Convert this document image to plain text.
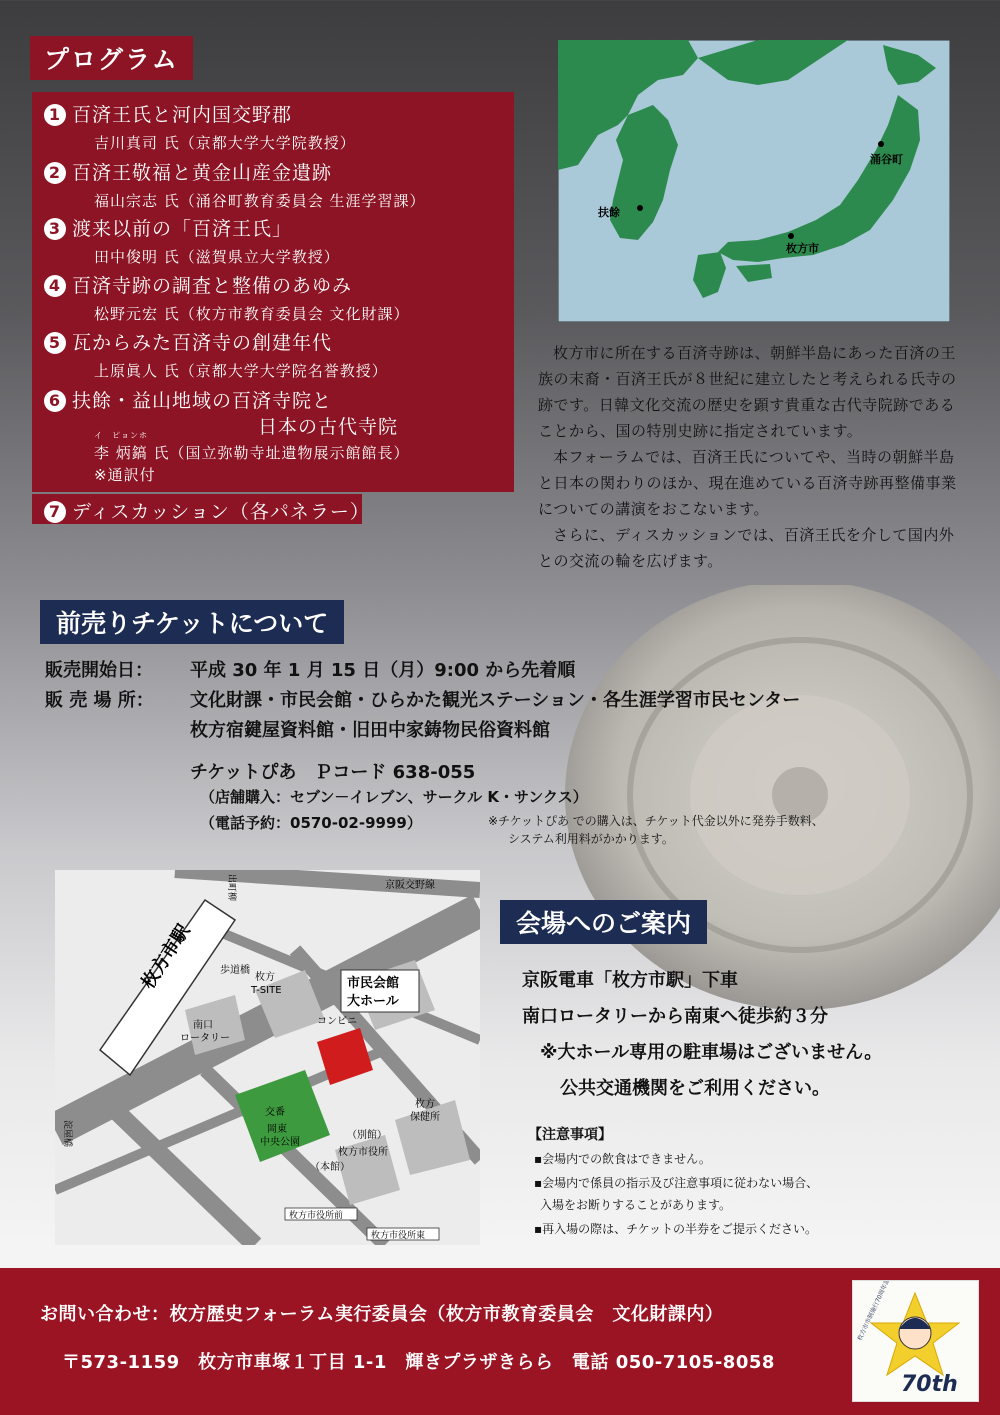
プログラム
1 百済王氏と河内国交野郡
吉川真司 氏（京都大学大学院教授）
2 百済王敬福と黄金山産金遺跡
福山宗志 氏（涌谷町教育委員会 生涯学習課）
3 渡来以前の「百済王氏」
田中俊明 氏（滋賀県立大学教授）
4 百済寺跡の調査と整備のあゆみ
松野元宏 氏（枚方市教育委員会 文化財課）
5 瓦からみた百済寺の創建年代
上原眞人 氏（京都大学大学院名誉教授）
6 扶餘・益山地域の百済寺院と
日本の古代寺院
イ　ピョンホ
李 炳鎬 氏（国立弥勒寺址遺物展示館館長）
※通訳付
7 ディスカッション（各パネラー）
扶餘
涌谷町
枚方市

枚方市に所在する百済寺跡は、朝鮮半島にあった百済の王族の末裔・百済王氏が８世紀に建立したと考えられる氏寺の跡です。日韓文化交流の歴史を顕す貴重な古代寺院跡であることから、国の特別史跡に指定されています。

本フォーラムでは、百済王氏についてや、当時の朝鮮半島と日本の関わりのほか、現在進めている百済寺跡再整備事業についての講演をおこないます。

さらに、ディスカッションでは、百済王氏を介して国内外との交流の輪を広げます。

前売りチケットについて
販売開始日： 平成 30 年 1 月 15 日（月）9:00 から先着順
販 売 場 所： 文化財課・市民会館・ひらかた観光ステーション・各生涯学習市民センター
枚方宿鍵屋資料館・旧田中家鋳物民俗資料館
チケットぴあ　Ｐコード 638-055
（店舗購入：セブン－イレブン、サークル K・サンクス）
（電話予約：0570-02-9999）	※チケットぴあ での購入は、チケット代金以外に発券手数料、
システム利用料がかかります。
枚方市駅
交番
岡東
中央公園
市民会館
大ホール
京阪交野線
出町柳
淀屋橋
歩道橋
枚方
T-SITE
南口
ロータリー
コンビニ
枚方
保健所
（別館）
枚方市役所
（本館）
枚方市役所前
枚方市役所東
会場へのご案内
京阪電車「枚方市駅」下車
南口ロータリーから南東へ徒歩約３分
※大ホール専用の駐車場はございません。
公共交通機関をご利用ください。
【注意事項】
▪会場内での飲食はできません。
▪会場内で係員の指示及び注意事項に従わない場合、
入場をお断りすることがあります。
▪再入場の際は、チケットの半券をご提示ください。
お問い合わせ：枚方歴史フォーラム実行委員会（枚方市教育委員会　文化財課内）
〒573-1159　枚方市車塚１丁目 1-1　輝きプラザきらら　電話 050-7105-8058
枚方市市制施行70周年記念
70th
